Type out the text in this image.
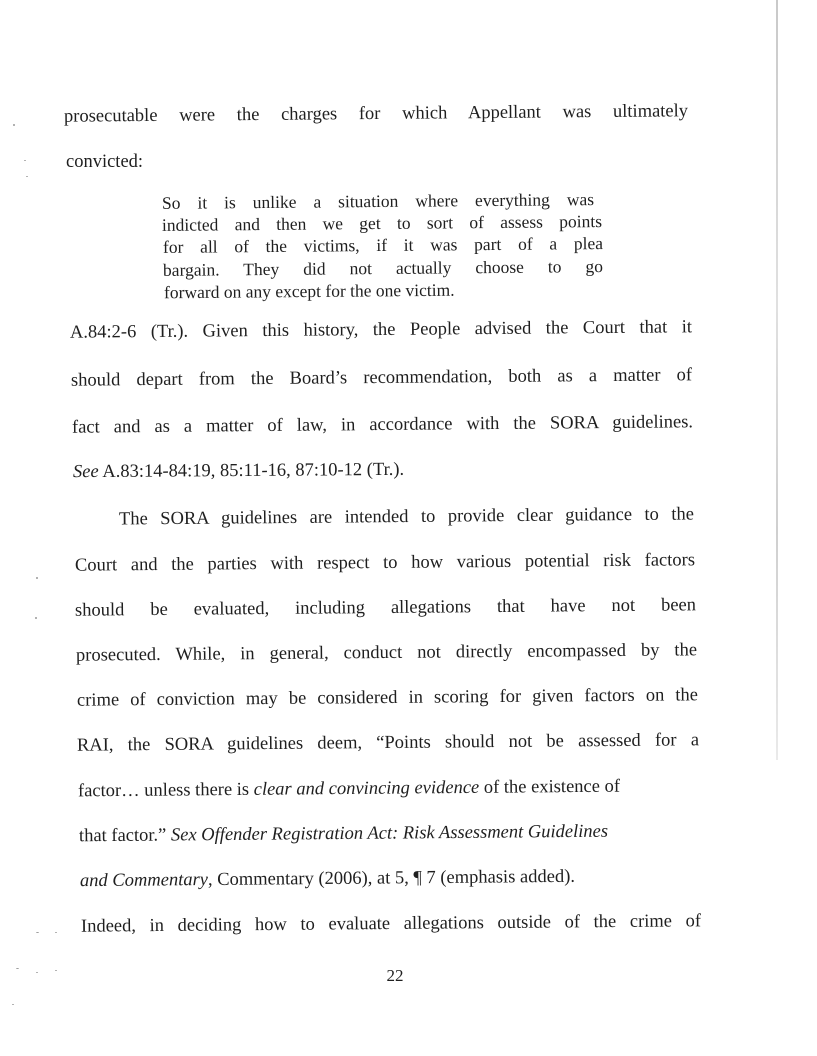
prosecutable were the charges for which Appellant was ultimately
convicted:
So it is unlike a situation where everything was
indicted and then we get to sort of assess points
for all of the victims, if it was part of a plea
bargain. They did not actually choose to go
forward on any except for the one victim.
A.84:2-6 (Tr.). Given this history, the People advised the Court that it
should depart from the Board’s recommendation, both as a matter of
fact and as a matter of law, in accordance with the SORA guidelines.
See A.83:14-84:19, 85:11-16, 87:10-12 (Tr.).
The SORA guidelines are intended to provide clear guidance to the
Court and the parties with respect to how various potential risk factors
should be evaluated, including allegations that have not been
prosecuted. While, in general, conduct not directly encompassed by the
crime of conviction may be considered in scoring for given factors on the
RAI, the SORA guidelines deem, “Points should not be assessed for a
factor… unless there is clear and convincing evidence of the existence of
that factor.” Sex Offender Registration Act: Risk Assessment Guidelines
and Commentary, Commentary (2006), at 5, ¶ 7 (emphasis added).
Indeed, in deciding how to evaluate allegations outside of the crime of
22
